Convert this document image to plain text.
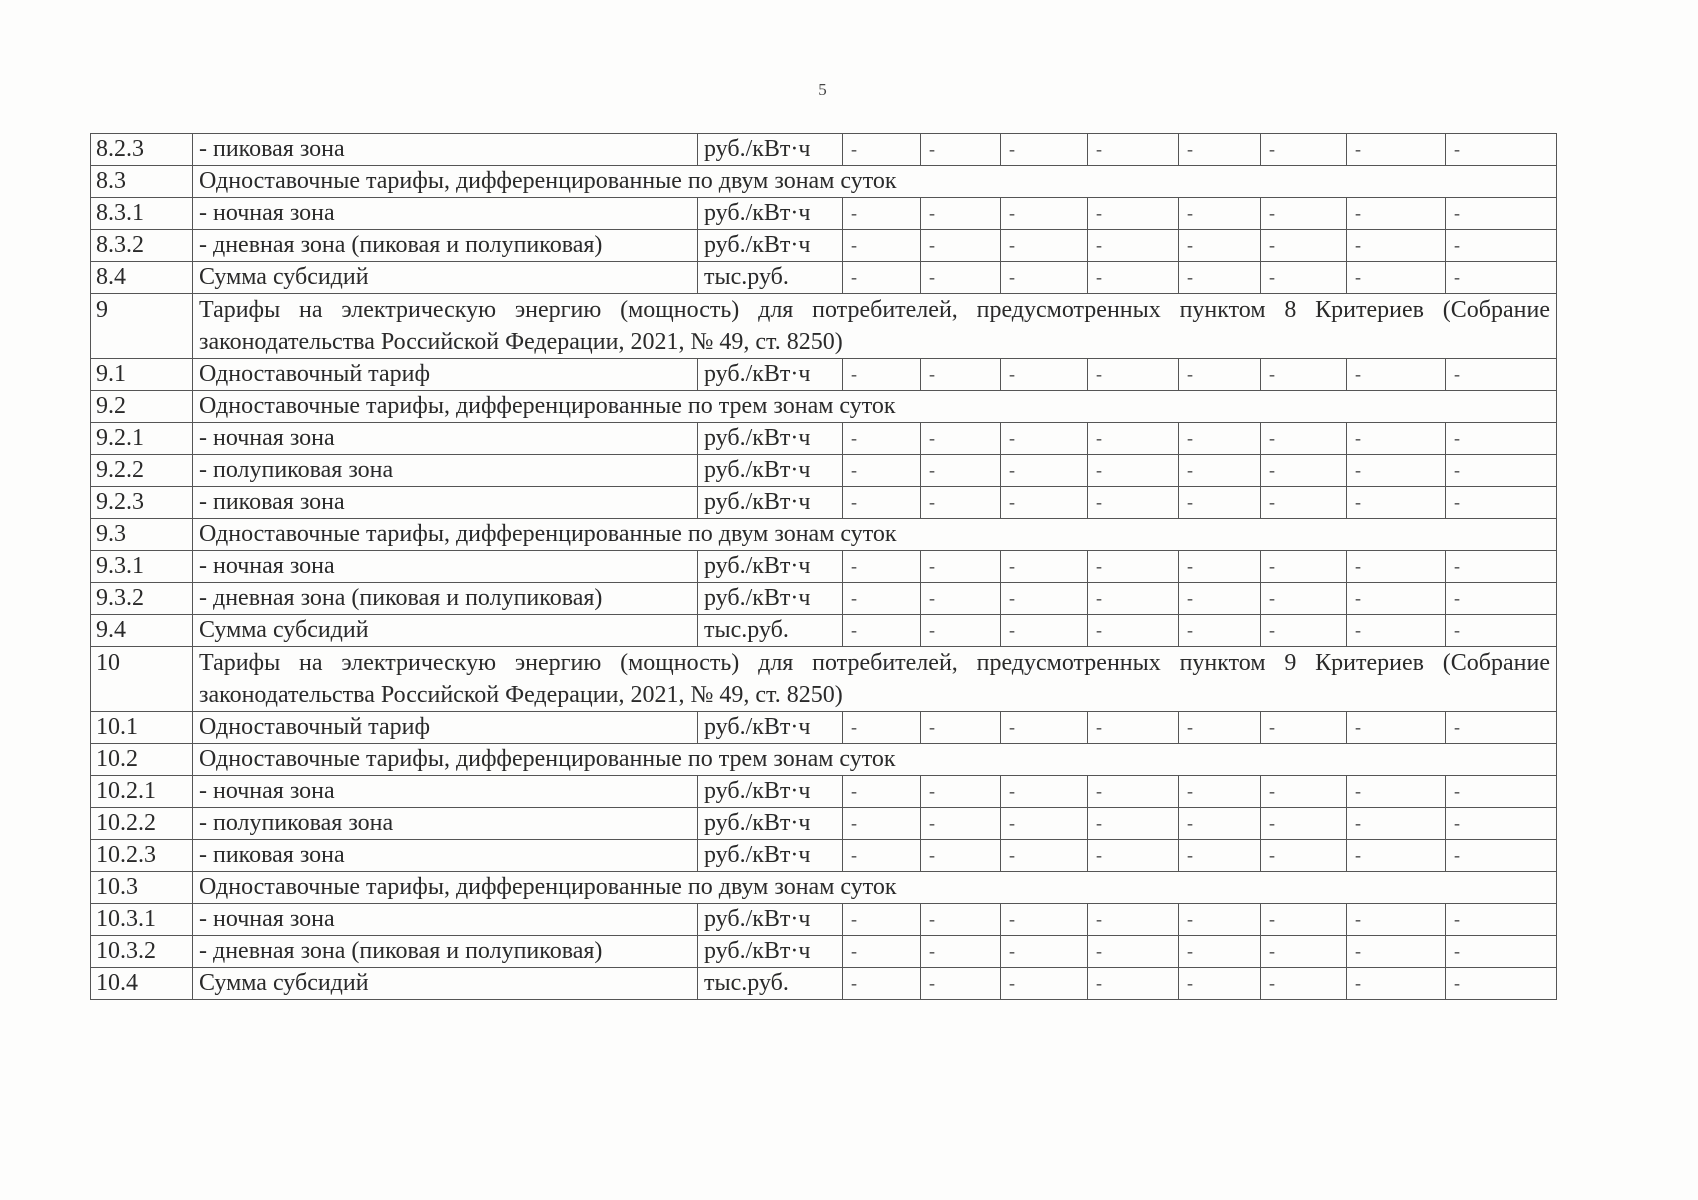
5
8.2.3	- пиковая зона	руб./кВт·ч	-	-	-	-	-	-	-	-
8.3	Одноставочные тарифы, дифференцированные по двум зонам суток									
8.3.1	- ночная зона	руб./кВт·ч	-	-	-	-	-	-	-	-
8.3.2	- дневная зона (пиковая и полупиковая)	руб./кВт·ч	-	-	-	-	-	-	-	-
8.4	Сумма субсидий	тыс.руб.	-	-	-	-	-	-	-	-
9	Тарифы на электрическую энергию (мощность) для потребителей, предусмотренных пунктом 8 Критериев (Собрание законодательства Российской Федерации, 2021, № 49, ст. 8250)									
9.1	Одноставочный тариф	руб./кВт·ч	-	-	-	-	-	-	-	-
9.2	Одноставочные тарифы, дифференцированные по трем зонам суток									
9.2.1	- ночная зона	руб./кВт·ч	-	-	-	-	-	-	-	-
9.2.2	- полупиковая зона	руб./кВт·ч	-	-	-	-	-	-	-	-
9.2.3	- пиковая зона	руб./кВт·ч	-	-	-	-	-	-	-	-
9.3	Одноставочные тарифы, дифференцированные по двум зонам суток									
9.3.1	- ночная зона	руб./кВт·ч	-	-	-	-	-	-	-	-
9.3.2	- дневная зона (пиковая и полупиковая)	руб./кВт·ч	-	-	-	-	-	-	-	-
9.4	Сумма субсидий	тыс.руб.	-	-	-	-	-	-	-	-
10	Тарифы на электрическую энергию (мощность) для потребителей, предусмотренных пунктом 9 Критериев (Собрание законодательства Российской Федерации, 2021, № 49, ст. 8250)									
10.1	Одноставочный тариф	руб./кВт·ч	-	-	-	-	-	-	-	-
10.2	Одноставочные тарифы, дифференцированные по трем зонам суток									
10.2.1	- ночная зона	руб./кВт·ч	-	-	-	-	-	-	-	-
10.2.2	- полупиковая зона	руб./кВт·ч	-	-	-	-	-	-	-	-
10.2.3	- пиковая зона	руб./кВт·ч	-	-	-	-	-	-	-	-
10.3	Одноставочные тарифы, дифференцированные по двум зонам суток									
10.3.1	- ночная зона	руб./кВт·ч	-	-	-	-	-	-	-	-
10.3.2	- дневная зона (пиковая и полупиковая)	руб./кВт·ч	-	-	-	-	-	-	-	-
10.4	Сумма субсидий	тыс.руб.	-	-	-	-	-	-	-	-
